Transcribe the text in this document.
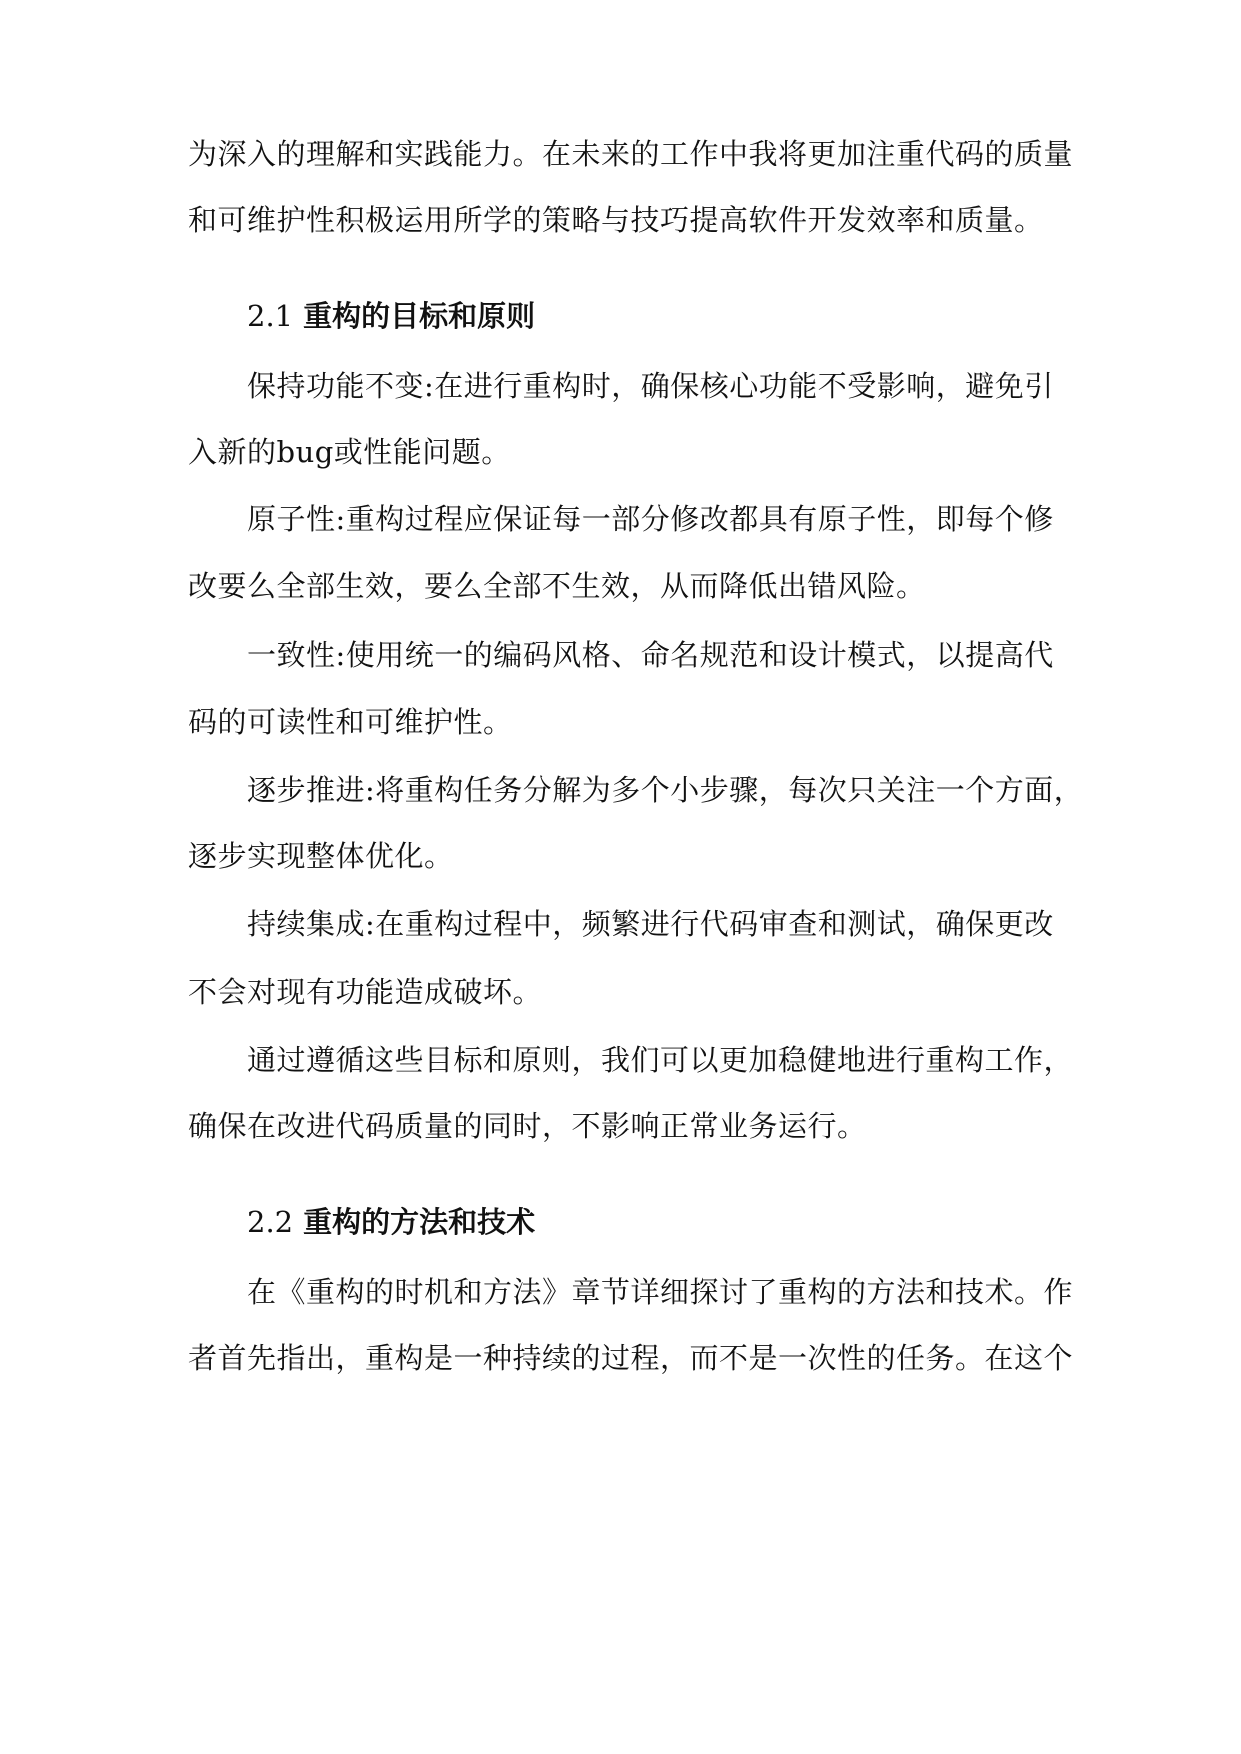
为深入的理解和实践能力。在未来的工作中我将更加注重代码的质量
和可维护性积极运用所学的策略与技巧提高软件开发效率和质量。
2.1 重构的目标和原则
保持功能不变:在进行重构时，确保核心功能不受影响，避免引
入新的bug或性能问题。
原子性:重构过程应保证每一部分修改都具有原子性，即每个修
改要么全部生效，要么全部不生效，从而降低出错风险。
一致性:使用统一的编码风格、命名规范和设计模式，以提高代
码的可读性和可维护性。
逐步推进:将重构任务分解为多个小步骤，每次只关注一个方面，
逐步实现整体优化。
持续集成:在重构过程中，频繁进行代码审查和测试，确保更改
不会对现有功能造成破坏。
通过遵循这些目标和原则，我们可以更加稳健地进行重构工作，
确保在改进代码质量的同时，不影响正常业务运行。
2.2 重构的方法和技术
在《重构的时机和方法》章节详细探讨了重构的方法和技术。作
者首先指出，重构是一种持续的过程，而不是一次性的任务。在这个
